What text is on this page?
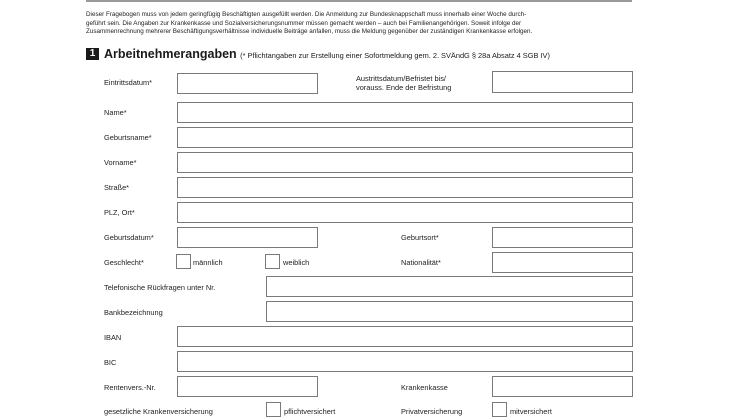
Dieser Fragebogen muss von jedem geringfügig Beschäftigten ausgefüllt werden. Die Anmeldung zur Bundesknappschaft muss innerhalb einer Woche durch-
geführt sein. Die Angaben zur Krankenkasse und Sozialversicherungsnummer müssen gemacht werden – auch bei Familienangehörigen. Soweit infolge der
Zusammenrechnung mehrerer Beschäftigungsverhältnisse individuelle Beiträge anfallen, muss die Meldung gegenüber der zuständigen Krankenkasse erfolgen.
1 Arbeitnehmerangaben (* Pflichtangaben zur Erstellung einer Sofortmeldung gem. 2. SVÄndG § 28a Absatz 4 SGB IV)
Eintrittsdatum*	Austrittsdatum/Befristet bis/
vorauss. Ende der Befristung
Name*
Geburtsname*
Vorname*
Straße*
PLZ, Ort*
Geburtsdatum*	Geburtsort*
Geschlecht*	männlich	weiblich	Nationalität*
Telefonische Rückfragen unter Nr.
Bankbezeichnung
IBAN
BIC
Rentenvers.-Nr.	Krankenkasse
gesetzliche Krankenversicherung	pflichtversichert	Privatversicherung	mitversichert
